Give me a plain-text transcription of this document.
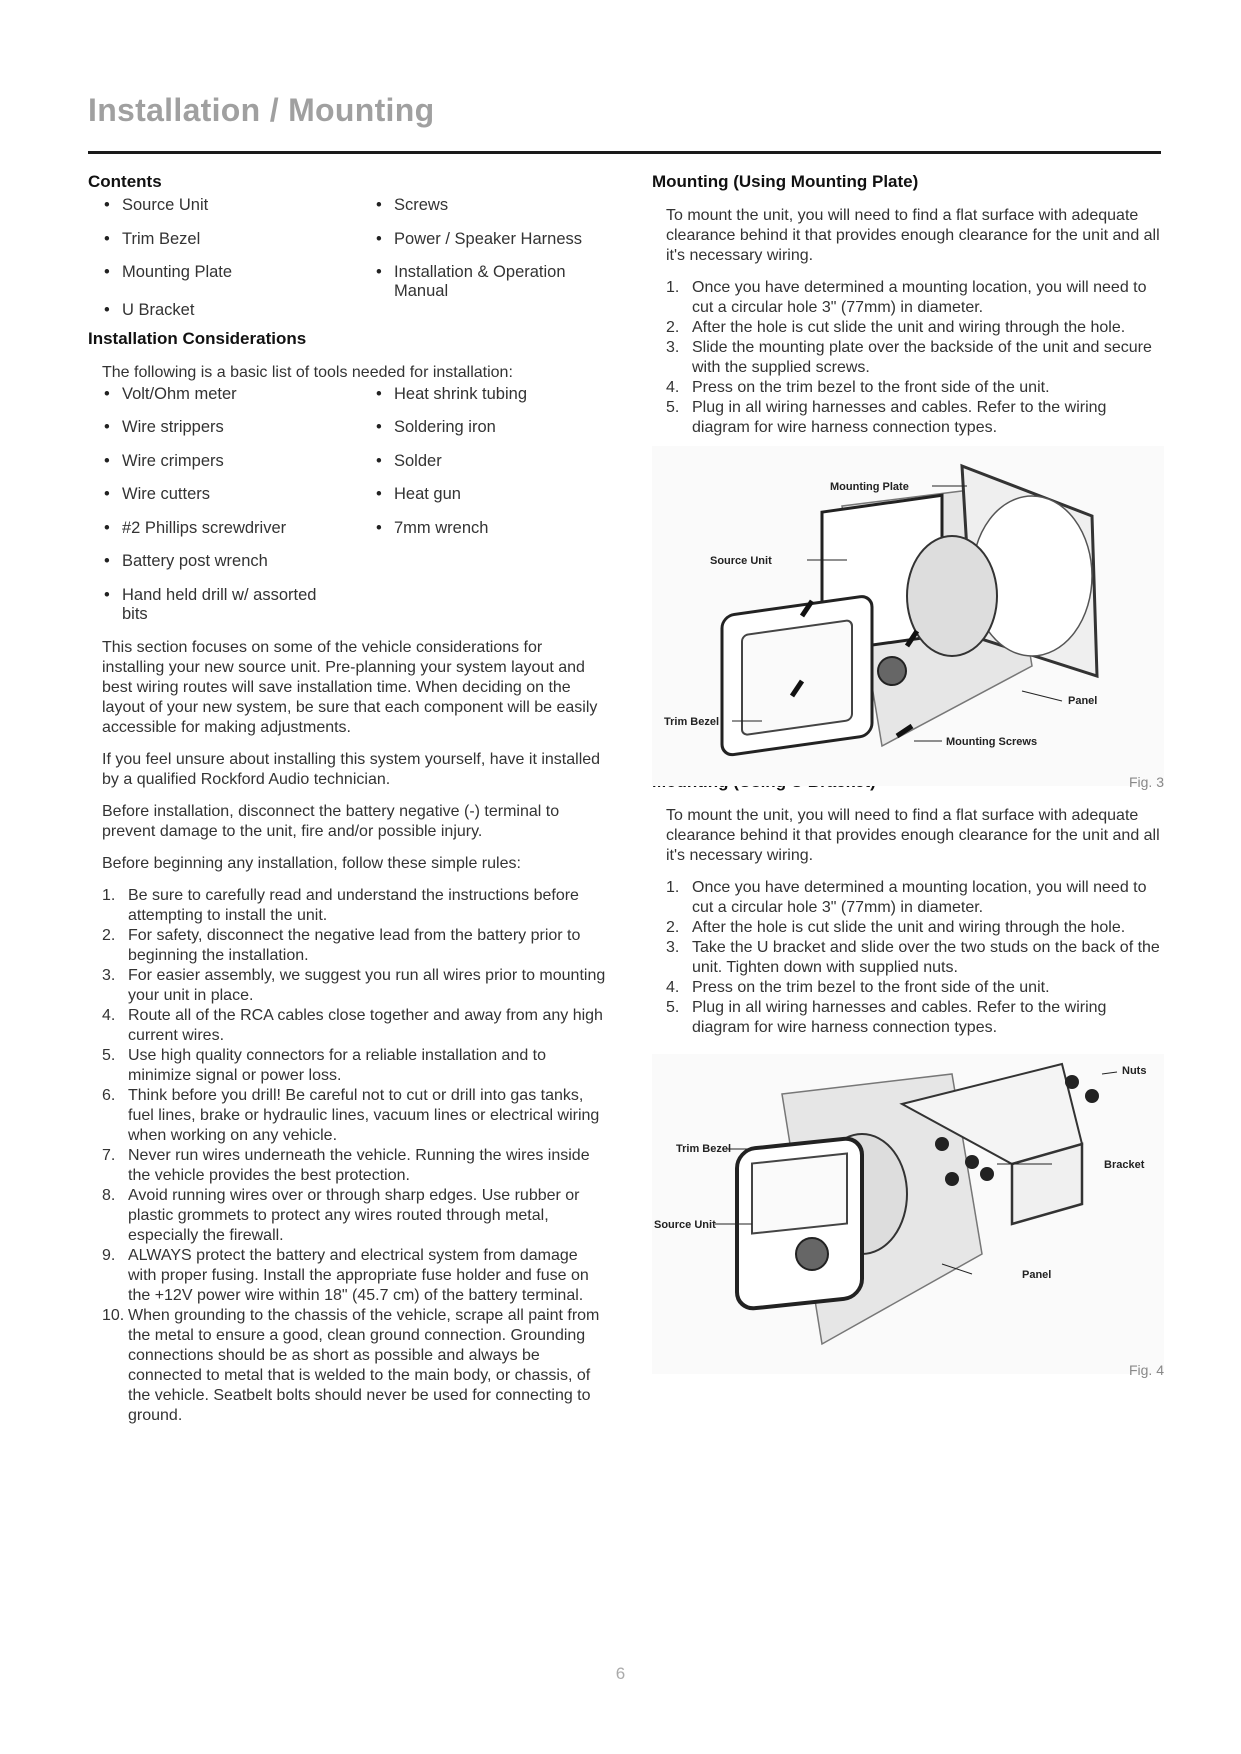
Installation / Mounting
Contents
• Source Unit	• Screws
• Trim Bezel	• Power / Speaker Harness
• Mounting Plate	• Installation & Operation Manual
• U Bracket
Installation Considerations

The following is a basic list of tools needed for installation:

• Volt/Ohm meter	• Heat shrink tubing
• Wire strippers	• Soldering iron
• Wire crimpers	• Solder
• Wire cutters	• Heat gun
• #2 Phillips screwdriver	• 7mm wrench
• Battery post wrench
• Hand held drill w/ assorted bits

This section focuses on some of the vehicle considerations for installing your new source unit. Pre-planning your system layout and best wiring routes will save installation time. When deciding on the layout of your new system, be sure that each component will be easily accessible for making adjustments.

If you feel unsure about installing this system yourself, have it installed by a qualified Rockford Audio technician.

Before installation, disconnect the battery negative (-) terminal to prevent damage to the unit, fire and/or possible injury.

Before beginning any installation, follow these simple rules:

1. Be sure to carefully read and understand the instructions before attempting to install the unit.
2. For safety, disconnect the negative lead from the battery prior to beginning the installation.
3. For easier assembly, we suggest you run all wires prior to mounting your unit in place.
4. Route all of the RCA cables close together and away from any high current wires.
5. Use high quality connectors for a reliable installation and to minimize signal or power loss.
6. Think before you drill! Be careful not to cut or drill into gas tanks, fuel lines, brake or hydraulic lines, vacuum lines or electrical wiring when working on any vehicle.
7. Never run wires underneath the vehicle. Running the wires inside the vehicle provides the best protection.
8. Avoid running wires over or through sharp edges. Use rubber or plastic grommets to protect any wires routed through metal, especially the firewall.
9. ALWAYS protect the battery and electrical system from damage with proper fusing. Install the appropriate fuse holder and fuse on the +12V power wire within 18" (45.7 cm) of the battery terminal.
10. When grounding to the chassis of the vehicle, scrape all paint from the metal to ensure a good, clean ground connection. Grounding connections should be as short as possible and always be connected to metal that is welded to the main body, or chassis, of the vehicle. Seatbelt bolts should never be used for connecting to ground.
Mounting (Using Mounting Plate)

To mount the unit, you will need to find a flat surface with adequate clearance behind it that provides enough clearance for the unit and all it's necessary wiring.

1. Once you have determined a mounting location, you will need to cut a circular hole 3" (77mm) in diameter.
2. After the hole is cut slide the unit and wiring through the hole.
3. Slide the mounting plate over the backside of the unit and secure with the supplied screws.
4. Press on the trim bezel to the front side of the unit.
5. Plug in all wiring harnesses and cables. Refer to the wiring diagram for wire harness connection types.
Mounting Plate
Source Unit
Panel
Trim Bezel
Mounting Screws
Fig. 3

To mount the unit, you will need to find a flat surface with adequate clearance behind it that provides enough clearance for the unit and all it's necessary wiring.

1. Once you have determined a mounting location, you will need to cut a circular hole 3" (77mm) in diameter.
2. After the hole is cut slide the unit and wiring through the hole.
3. Take the U bracket and slide over the two studs on the back of the unit. Tighten down with supplied nuts.
4. Press on the trim bezel to the front side of the unit.
5. Plug in all wiring harnesses and cables. Refer to the wiring diagram for wire harness connection types.
Nuts
Trim Bezel
Bracket
Source Unit
Panel
Fig. 4
6
